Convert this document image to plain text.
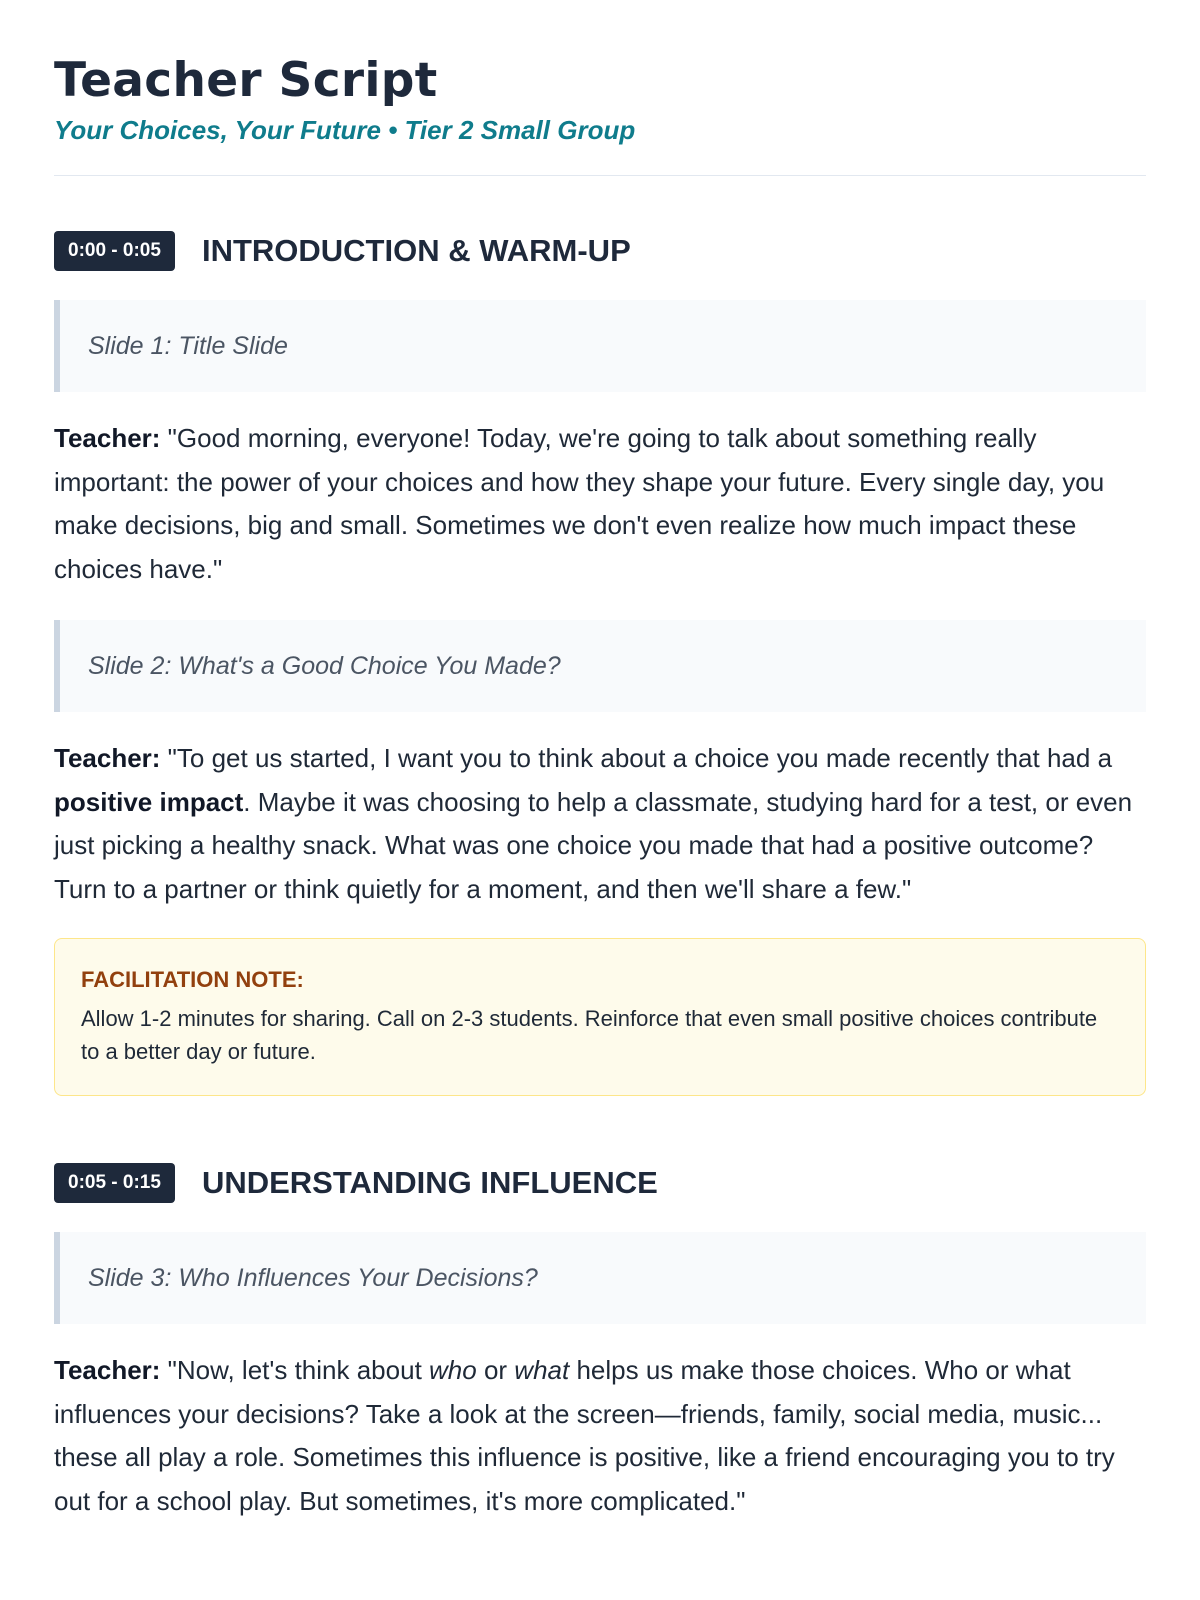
Teacher Script
Your Choices, Your Future • Tier 2 Small Group
0:00 - 0:05	INTRODUCTION & WARM-UP
Slide 1: Title Slide

Teacher: "Good morning, everyone! Today, we're going to talk about something really important: the power of your choices and how they shape your future. Every single day, you make decisions, big and small. Sometimes we don't even realize how much impact these choices have."

Slide 2: What's a Good Choice You Made?

Teacher: "To get us started, I want you to think about a choice you made recently that had a positive impact. Maybe it was choosing to help a classmate, studying hard for a test, or even just picking a healthy snack. What was one choice you made that had a positive outcome? Turn to a partner or think quietly for a moment, and then we'll share a few."

FACILITATION NOTE:
Allow 1-2 minutes for sharing. Call on 2-3 students. Reinforce that even small positive choices contribute to a better day or future.
0:05 - 0:15	UNDERSTANDING INFLUENCE
Slide 3: Who Influences Your Decisions?

Teacher: "Now, let's think about who or what helps us make those choices. Who or what influences your decisions? Take a look at the screen—friends, family, social media, music... these all play a role. Sometimes this influence is positive, like a friend encouraging you to try out for a school play. But sometimes, it's more complicated."
